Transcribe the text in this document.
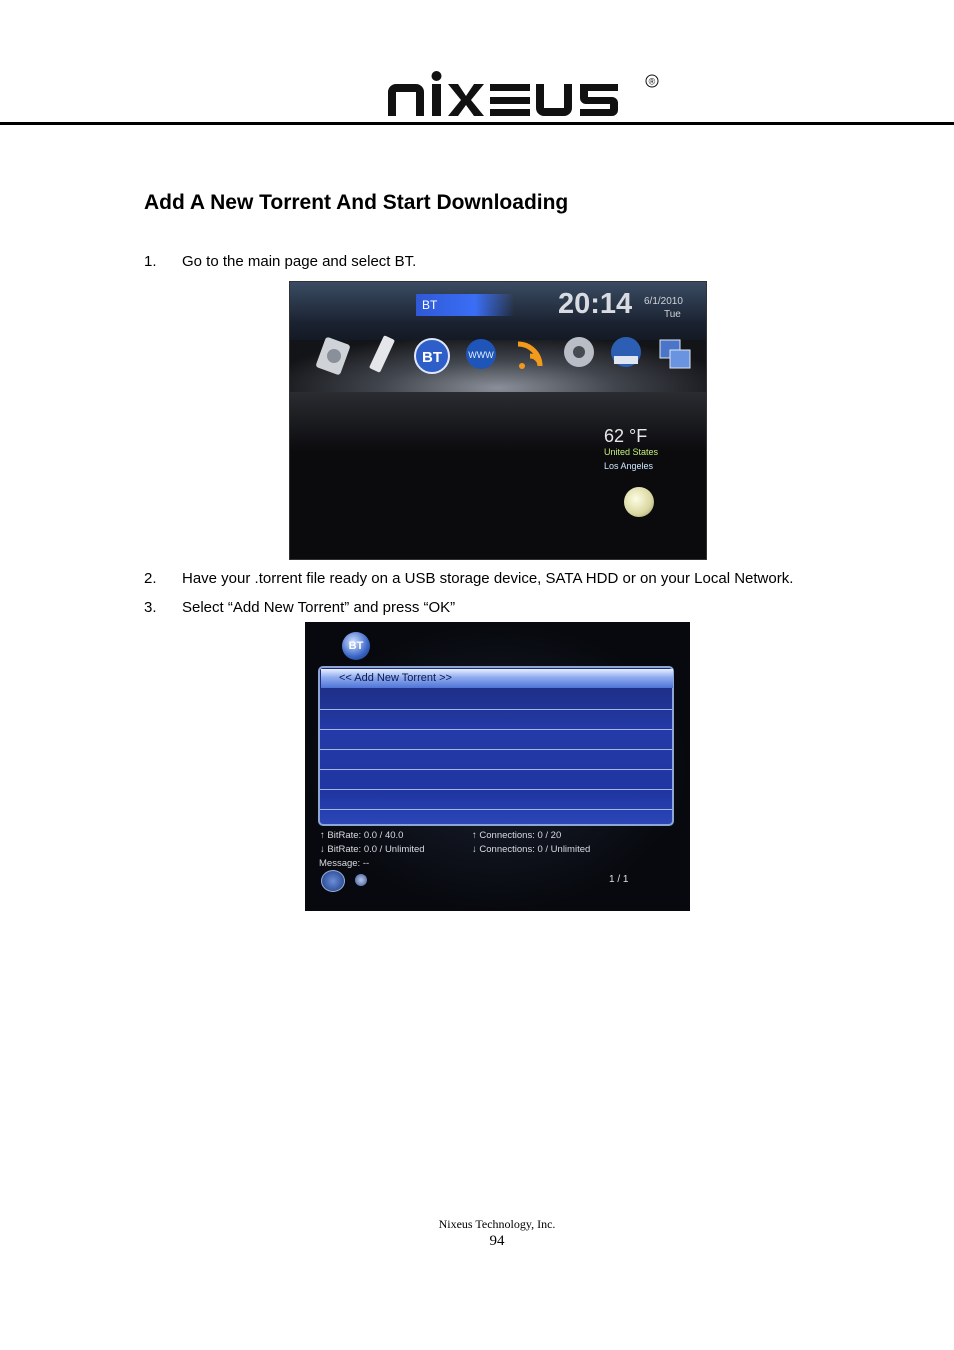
®
Add A New Torrent And Start Downloading
1. Go to the main page and select BT.
BT	20:14 6/1/2010
Tue
BT	WWW
62 °F
United States
Los Angeles
2. Have your .torrent file ready on a USB storage device, SATA HDD or on your Local Network.
3. Select “Add New Torrent” and press “OK”
BT
<< Add New Torrent >>
↑ BitRate: 0.0 / 40.0
↓ BitRate: 0.0 / Unlimited
↑ Connections: 0 / 20
↓ Connections: 0 / Unlimited
Message: --
1 / 1
Nixeus Technology, Inc.
94
